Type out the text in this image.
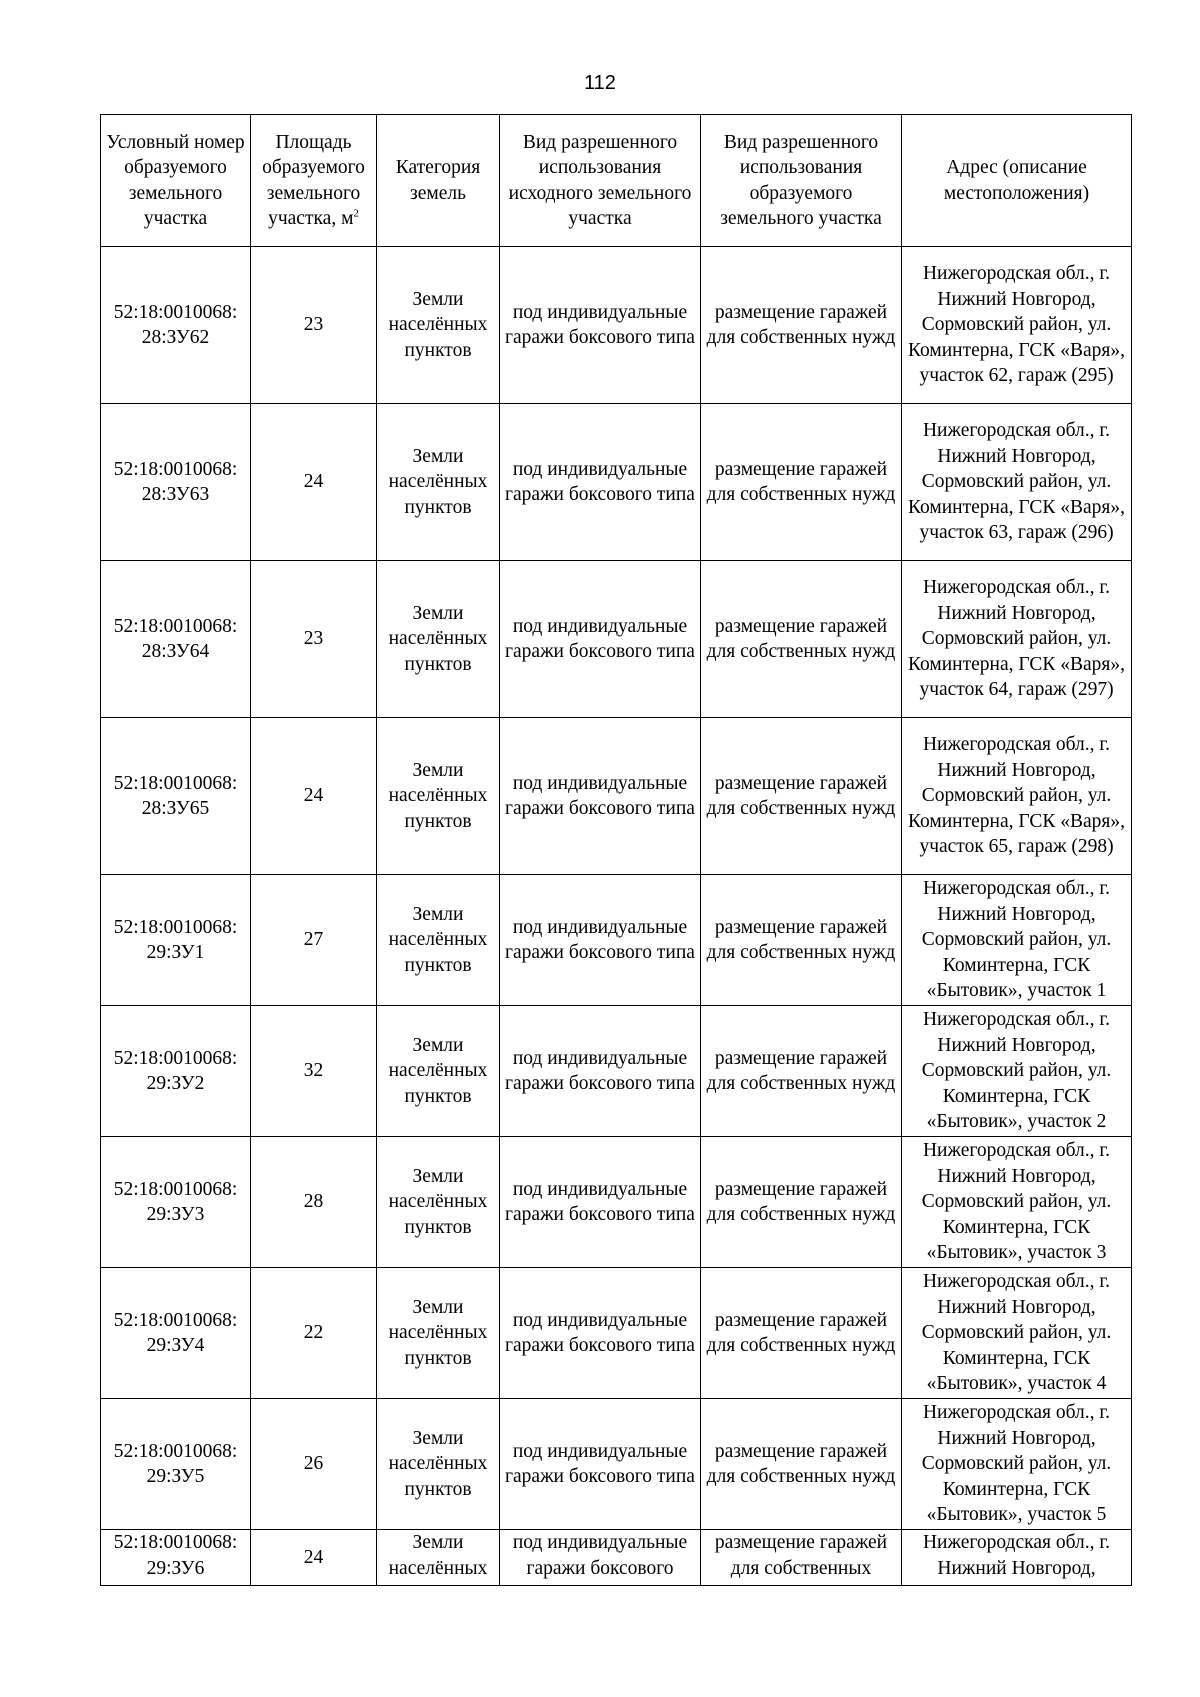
112
Условный номер образуемого земельного участка	Площадь образуемого земельного участка, $м^2$	Категория земель	Вид разрешенного использования исходного земельного участка	Вид разрешенного использования образуемого земельного участка	Адрес (описание местоположения)
52:18:0010068: 28:ЗУ62	23	Земли населённых пунктов	под индивидуальные гаражи боксового типа	размещение гаражей для собственных нужд	Нижегородская обл., г. Нижний Новгород, Сормовский район, ул. Коминтерна, ГСК «Варя», участок 62, гараж (295)
52:18:0010068: 28:ЗУ63	24	Земли населённых пунктов	под индивидуальные гаражи боксового типа	размещение гаражей для собственных нужд	Нижегородская обл., г. Нижний Новгород, Сормовский район, ул. Коминтерна, ГСК «Варя», участок 63, гараж (296)
52:18:0010068: 28:ЗУ64	23	Земли населённых пунктов	под индивидуальные гаражи боксового типа	размещение гаражей для собственных нужд	Нижегородская обл., г. Нижний Новгород, Сормовский район, ул. Коминтерна, ГСК «Варя», участок 64, гараж (297)
52:18:0010068: 28:ЗУ65	24	Земли населённых пунктов	под индивидуальные гаражи боксового типа	размещение гаражей для собственных нужд	Нижегородская обл., г. Нижний Новгород, Сормовский район, ул. Коминтерна, ГСК «Варя», участок 65, гараж (298)
52:18:0010068: 29:ЗУ1	27	Земли населённых пунктов	под индивидуальные гаражи боксового типа	размещение гаражей для собственных нужд	Нижегородская обл., г. Нижний Новгород, Сормовский район, ул. Коминтерна, ГСК «Бытовик», участок 1
52:18:0010068: 29:ЗУ2	32	Земли населённых пунктов	под индивидуальные гаражи боксового типа	размещение гаражей для собственных нужд	Нижегородская обл., г. Нижний Новгород, Сормовский район, ул. Коминтерна, ГСК «Бытовик», участок 2
52:18:0010068: 29:ЗУ3	28	Земли населённых пунктов	под индивидуальные гаражи боксового типа	размещение гаражей для собственных нужд	Нижегородская обл., г. Нижний Новгород, Сормовский район, ул. Коминтерна, ГСК «Бытовик», участок 3
52:18:0010068: 29:ЗУ4	22	Земли населённых пунктов	под индивидуальные гаражи боксового типа	размещение гаражей для собственных нужд	Нижегородская обл., г. Нижний Новгород, Сормовский район, ул. Коминтерна, ГСК «Бытовик», участок 4
52:18:0010068: 29:ЗУ5	26	Земли населённых пунктов	под индивидуальные гаражи боксового типа	размещение гаражей для собственных нужд	Нижегородская обл., г. Нижний Новгород, Сормовский район, ул. Коминтерна, ГСК «Бытовик», участок 5
52:18:0010068: 29:ЗУ6	24	Земли населённых	под индивидуальные гаражи боксового	размещение гаражей для собственных	Нижегородская обл., г. Нижний Новгород,
